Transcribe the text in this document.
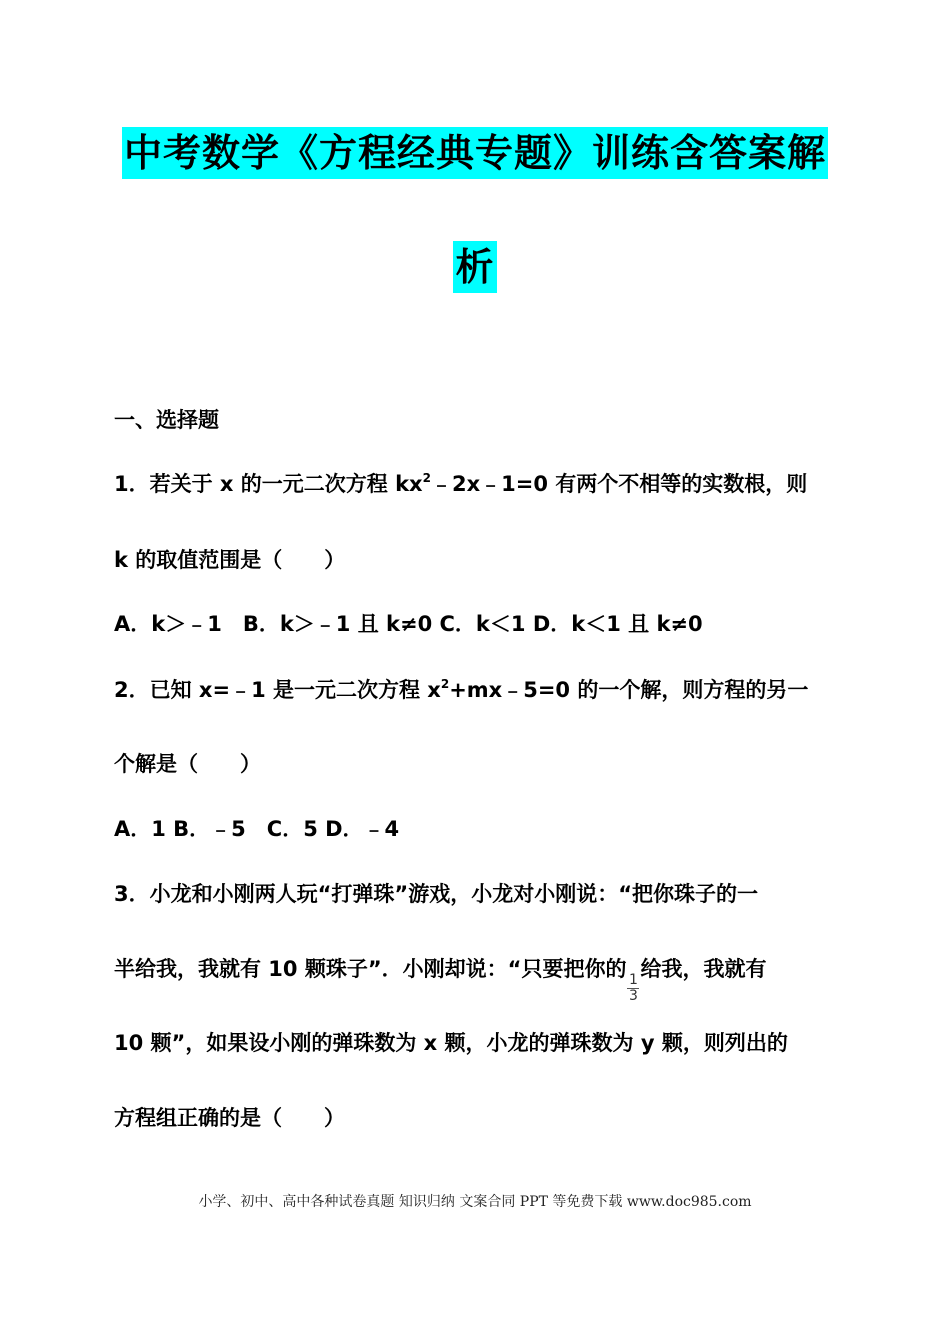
中考数学《方程经典专题》训练含答案解
析
一、选择题
1．若关于 x 的一元二次方程 $kx^2﹣2x﹣1=0$ 有两个不相等的实数根，则
k 的取值范围是（　　）
A．k＞﹣1　B．k＞﹣1 且 k≠0 C．k＜1 D．k＜1 且 k≠0
2．已知 x=﹣1 是一元二次方程 $x^2+mx﹣5=0$ 的一个解，则方程的另一
个解是（　　）
A．1 B．﹣5　C．5 D．﹣4
3．小龙和小刚两人玩“打弹珠”游戏，小龙对小刚说：“把你珠子的一
半给我，我就有 10 颗珠子”．小刚却说：“只要把你的
$\frac{1}{3}$
给我，我就有
10 颗”，如果设小刚的弹珠数为 x 颗，小龙的弹珠数为 y 颗，则列出的
方程组正确的是（　　）
小学、初中、高中各种试卷真题 知识归纳 文案合同 PPT 等免费下载 www.doc985.com
